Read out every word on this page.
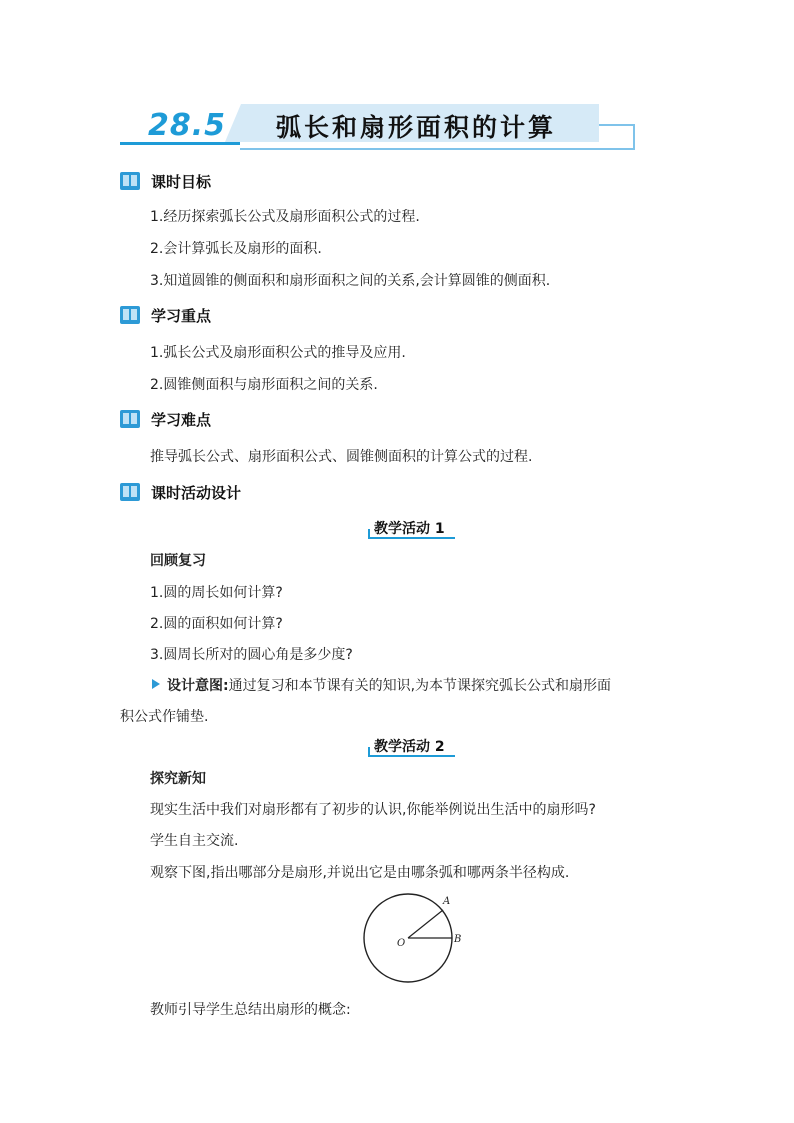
28.5 弧长和扇形面积的计算
课时目标
1.经历探索弧长公式及扇形面积公式的过程.
2.会计算弧长及扇形的面积.
3.知道圆锥的侧面积和扇形面积之间的关系,会计算圆锥的侧面积.
学习重点
1.弧长公式及扇形面积公式的推导及应用.
2.圆锥侧面积与扇形面积之间的关系.
学习难点
推导弧长公式、扇形面积公式、圆锥侧面积的计算公式的过程.
课时活动设计
教学活动 1
回顾复习
1.圆的周长如何计算?
2.圆的面积如何计算?
3.圆周长所对的圆心角是多少度?
设计意图:通过复习和本节课有关的知识,为本节课探究弧长公式和扇形面
积公式作铺垫.
教学活动 2
探究新知
现实生活中我们对扇形都有了初步的认识,你能举例说出生活中的扇形吗?
学生自主交流.
观察下图,指出哪部分是扇形,并说出它是由哪条弧和哪两条半径构成.
A
B
O
教师引导学生总结出扇形的概念:
